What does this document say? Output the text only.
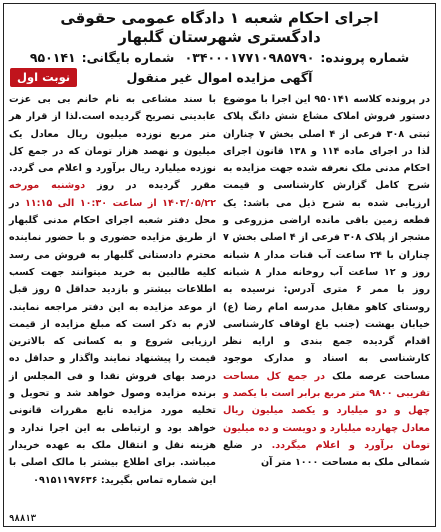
اجرای احکام شعبه ۱ دادگاه عمومی حقوقی
دادگستری شهرستان گلبهار
شماره پرونده:۰۳۴۰۰۰۱۷۷۱۰۹۸۵۷۹۰ شماره بایگانی:۹۵۰۱۴۱
آگهی مزایده اموال غیر منقول
نوبت اول

در پرونده کلاسه ۹۵۰۱۴۱ این اجرا با موضوع دستور فروش املاک مشاع شش دانگ پلاک ثبتی ۳۰۸ فرعی از ۴ اصلی بخش ۷ چناران لذا در اجرای ماده ۱۱۴ و ۱۳۸ قانون اجرای احکام مدنی ملک نعرفه شده جهت مزایده به شرح کامل گزارش کارشناسی و قیمت ارزیابی شده به شرح ذیل می باشد: یک قطعه زمین باقی مانده اراضی مزروعی و مشجر از پلاک ۳۰۸ فرعی از ۴ اصلی بخش ۷ چناران با ۲۴ ساعت آب قنات مدار ۸ شبانه روز و ۱۲ ساعت آب روخانه مدار ۸ شبانه روز با ممر ۶ متری آدرس: نرسیده به روستای کاهو مقابل مدرسه امام رضا (ع) خیابان بهشت (جنب باغ اوقاف کارشناسی اقدام گردیده جمع بندی و ارایه نظر کارشناسی به اسناد و مدارک موجود مساحت عرصه ملک در جمع کل مساحت تقریبی ۹۸۰۰ متر مربع برابر است با یکصد و چهل و دو میلیارد و یکصد میلیون ریال معادل چهارده میلیارد و دویست و ده میلیون تومان برآورد و اعلام میگردد. در ضلع شمالی ملک به مساحت ۱۰۰۰ متر آن

با سند مشاعی به نام خانم بی بی عزت عابدینی تصریح گردیده است.لذا از قرار هر متر مربع نوزده میلیون ریال معادل یک میلیون و نهصد هزار تومان که در جمع کل نوزده میلیارد ریال برآورد و اعلام می گردد. مقرر گردیده در روز دوشنبه مورخه ۱۴۰۳/۰۵/۲۲ از ساعت ۱۰:۳۰ الی ۱۱:۱۵ در محل دفتر شعبه اجرای احکام مدنی گلبهار از طریق مزایده حضوری و با حضور نماینده محترم دادستانی گلبهار به فروش می رسد کلیه طالبین به خرید میتوانند جهت کسب اطلاعات بیشتر و بازدید حداقل ۵ روز قبل از موعد مزایده به این دفتر مراجعه نمایند. لازم به ذکر است که مبلغ مزایده از قیمت ارزیابی شروع و به کسانی که بالاترین قیمت را پیشنهاد نمایند واگذار و حداقل ده درصد بهای فروش نقدا و فی المجلس از برنده مزایده وصول خواهد شد و تحویل و تخلیه مورد مزایده تابع مقررات قانونی خواهد بود و ارتباطی به این اجرا ندارد و هزینه نقل و انتقال ملک به عهده خریدار میباشد. برای اطلاع بیشتر با مالک اصلی با این شماره تماس بگیرید: ۰۹۱۵۱۱۹۷۶۳۶

۹۸۸۱۳
